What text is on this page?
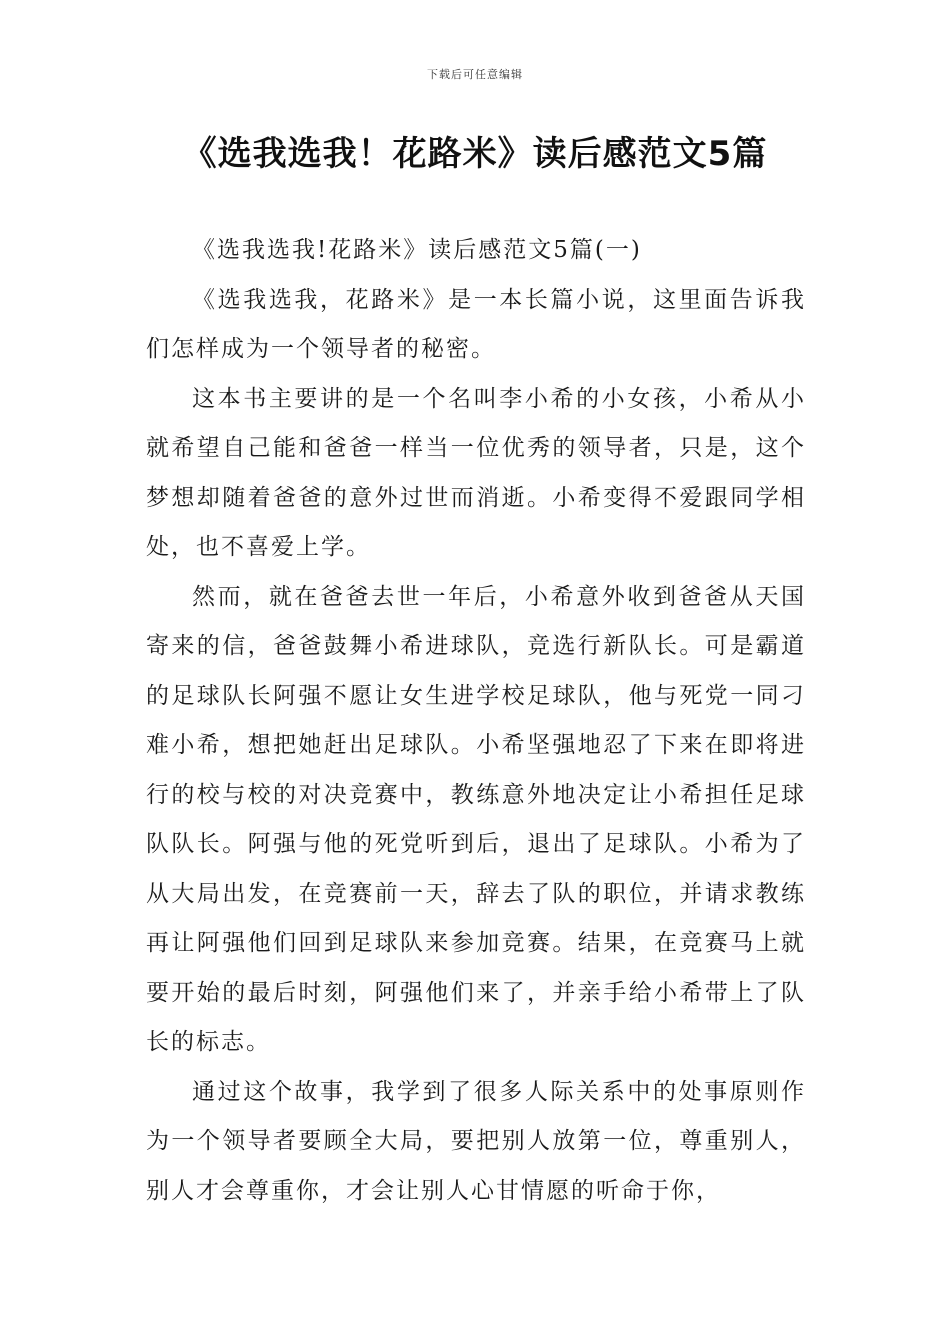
下载后可任意编辑
《选我选我！花路米》读后感范文5篇

《选我选我!花路米》读后感范文5篇(一)

《选我选我，花路米》是一本长篇小说，这里面告诉我们怎样成为一个领导者的秘密。

这本书主要讲的是一个名叫李小希的小女孩，小希从小就希望自己能和爸爸一样当一位优秀的领导者，只是，这个梦想却随着爸爸的意外过世而消逝。小希变得不爱跟同学相处，也不喜爱上学。

然而，就在爸爸去世一年后，小希意外收到爸爸从天国寄来的信，爸爸鼓舞小希进球队，竞选行新队长。可是霸道的足球队长阿强不愿让女生进学校足球队，他与死党一同刁难小希，想把她赶出足球队。小希坚强地忍了下来在即将进行的校与校的对决竞赛中，教练意外地决定让小希担任足球队队长。阿强与他的死党听到后，退出了足球队。小希为了从大局出发，在竞赛前一天，辞去了队的职位，并请求教练再让阿强他们回到足球队来参加竞赛。结果，在竞赛马上就要开始的最后时刻，阿强他们来了，并亲手给小希带上了队长的标志。

通过这个故事，我学到了很多人际关系中的处事原则作为一个领导者要顾全大局，要把别人放第一位，尊重别人，别人才会尊重你，才会让别人心甘情愿的听命于你，
